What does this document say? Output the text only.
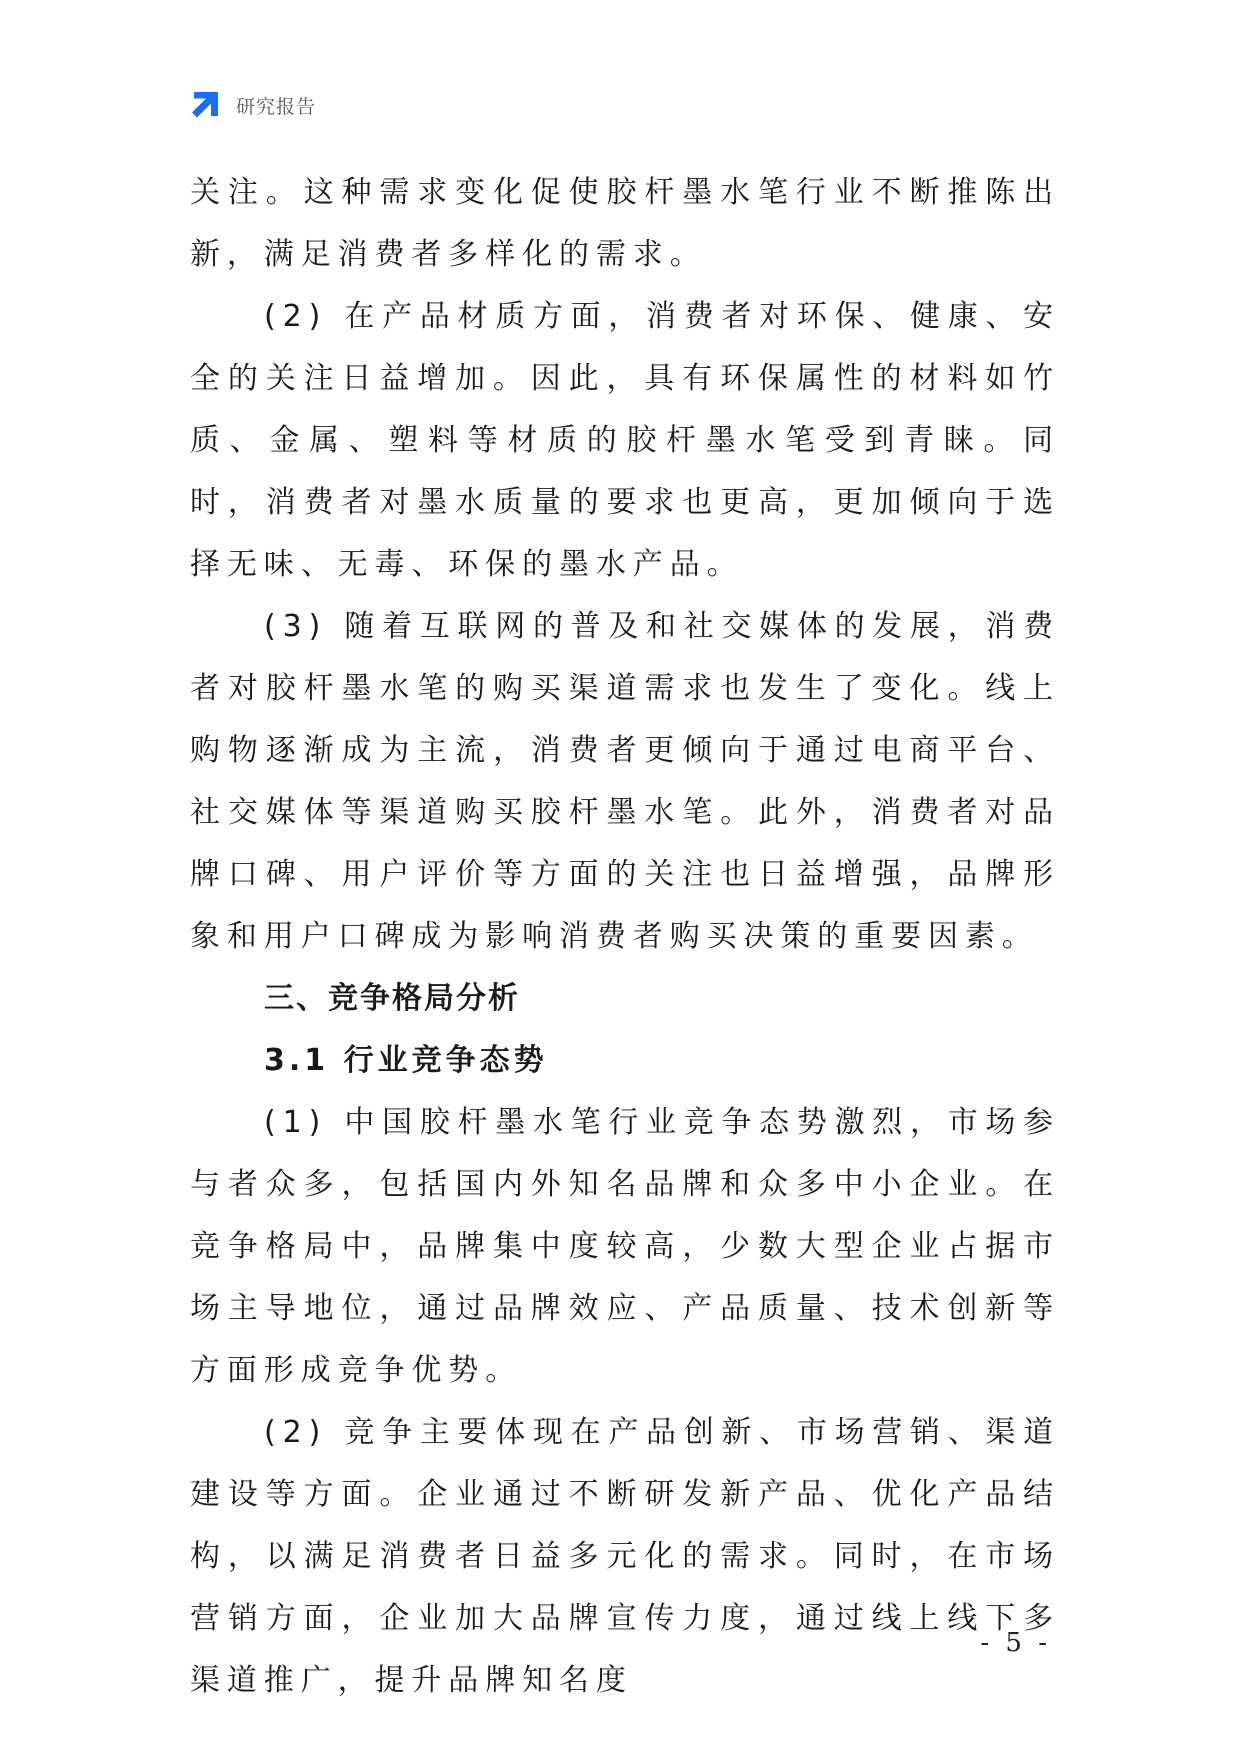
研究报告

关注。这种需求变化促使胶杆墨水笔行业不断推陈出新，满足消费者多样化的需求。

(2) 在产品材质方面，消费者对环保、健康、安全的关注日益增加。因此，具有环保属性的材料如竹质、金属、塑料等材质的胶杆墨水笔受到青睐。同时，消费者对墨水质量的要求也更高，更加倾向于选择无味、无毒、环保的墨水产品。

(3) 随着互联网的普及和社交媒体的发展，消费者对胶杆墨水笔的购买渠道需求也发生了变化。线上购物逐渐成为主流，消费者更倾向于通过电商平台、社交媒体等渠道购买胶杆墨水笔。此外，消费者对品牌口碑、用户评价等方面的关注也日益增强，品牌形象和用户口碑成为影响消费者购买决策的重要因素。

三、竞争格局分析
3.1 行业竞争态势

(1) 中国胶杆墨水笔行业竞争态势激烈，市场参与者众多，包括国内外知名品牌和众多中小企业。在竞争格局中，品牌集中度较高，少数大型企业占据市场主导地位，通过品牌效应、产品质量、技术创新等方面形成竞争优势。

(2) 竞争主要体现在产品创新、市场营销、渠道建设等方面。企业通过不断研发新产品、优化产品结构，以满足消费者日益多元化的需求。同时，在市场营销方面，企业加大品牌宣传力度，通过线上线下多渠道推广，提升品牌知名度

- 5 -
